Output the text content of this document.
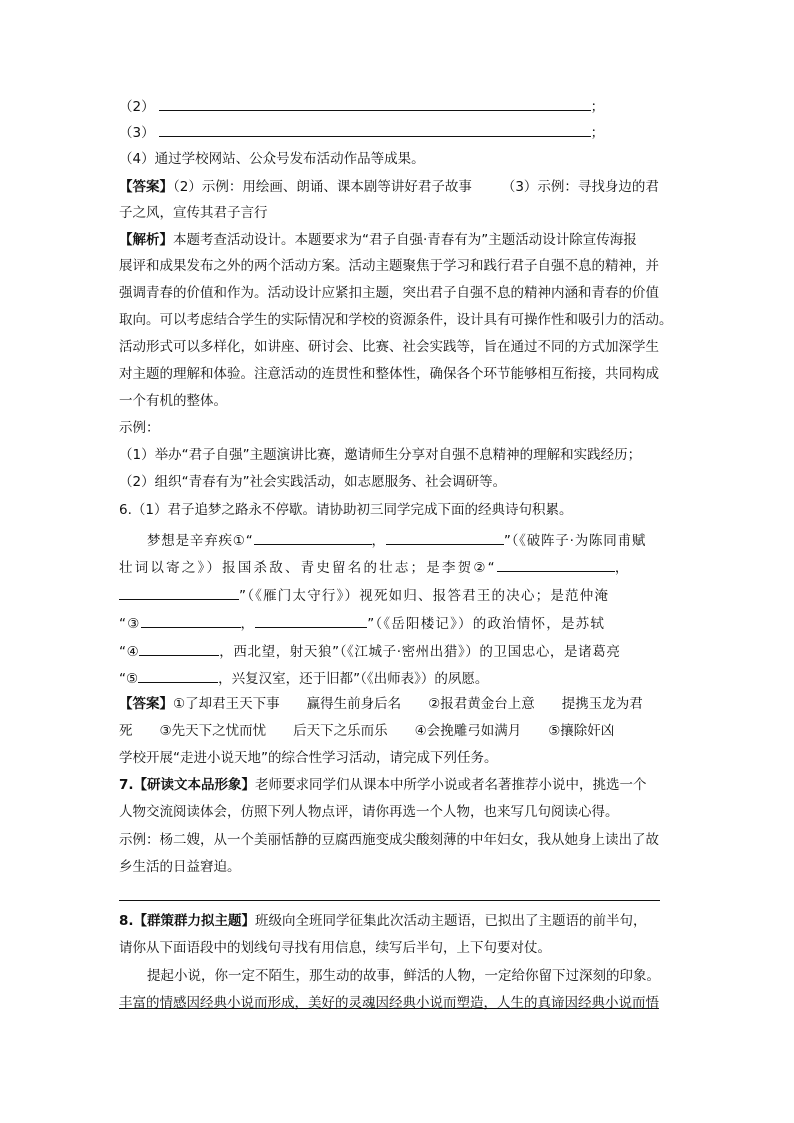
（2）	；
（3）	；
（4）通过学校网站、公众号发布活动作品等成果。
【答案】（2）示例：用绘画、朗诵、课本剧等讲好君子故事 （3）示例：寻找身边的君
子之风，宣传其君子言行
【解析】本题考查活动设计。本题要求为“君子自强·青春有为”主题活动设计除宣传海报
展评和成果发布之外的两个活动方案。活动主题聚焦于学习和践行君子自强不息的精神，并
强调青春的价值和作为。活动设计应紧扣主题，突出君子自强不息的精神内涵和青春的价值
取向。可以考虑结合学生的实际情况和学校的资源条件，设计具有可操作性和吸引力的活动。
活动形式可以多样化，如讲座、研讨会、比赛、社会实践等，旨在通过不同的方式加深学生
对主题的理解和体验。注意活动的连贯性和整体性，确保各个环节能够相互衔接，共同构成
一个有机的整体。
示例：
（1）举办“君子自强”主题演讲比赛，邀请师生分享对自强不息精神的理解和实践经历；
（2）组织“青春有为”社会实践活动，如志愿服务、社会调研等。
6.（1）君子追梦之路永不停歇。请协助初三同学完成下面的经典诗句积累。
梦想是辛弃疾①“	，	”（《破阵子·为陈同甫赋
壮词以寄之》）报国杀敌、青史留名的壮志；是李贺②“	，
”（《雁门太守行》）视死如归、报答君王的决心；是范仲淹
“③	，	”（《岳阳楼记》）的政治情怀，是苏轼
“④	，西北望，射天狼”（《江城子·密州出猎》）的卫国忠心，是诸葛亮
“⑤	，兴复汉室，还于旧都”（《出师表》）的夙愿。
【答案】①了却君王天下事　　赢得生前身后名　　②报君黄金台上意　　提携玉龙为君
死　　③先天下之忧而忧　　后天下之乐而乐　　④会挽雕弓如满月　　⑤攘除奸凶
学校开展“走进小说天地”的综合性学习活动，请完成下列任务。
7.【研读文本品形象】老师要求同学们从课本中所学小说或者名著推荐小说中，挑选一个
人物交流阅读体会，仿照下列人物点评，请你再选一个人物，也来写几句阅读心得。
示例：杨二嫂，从一个美丽恬静的豆腐西施变成尖酸刻薄的中年妇女，我从她身上读出了故
乡生活的日益窘迫。
8.【群策群力拟主题】班级向全班同学征集此次活动主题语，已拟出了主题语的前半句，
请你从下面语段中的划线句寻找有用信息，续写后半句，上下句要对仗。
提起小说，你一定不陌生，那生动的故事，鲜活的人物，一定给你留下过深刻的印象。
丰富的情感因经典小说而形成，美好的灵魂因经典小说而塑造，人生的真谛因经典小说而悟
